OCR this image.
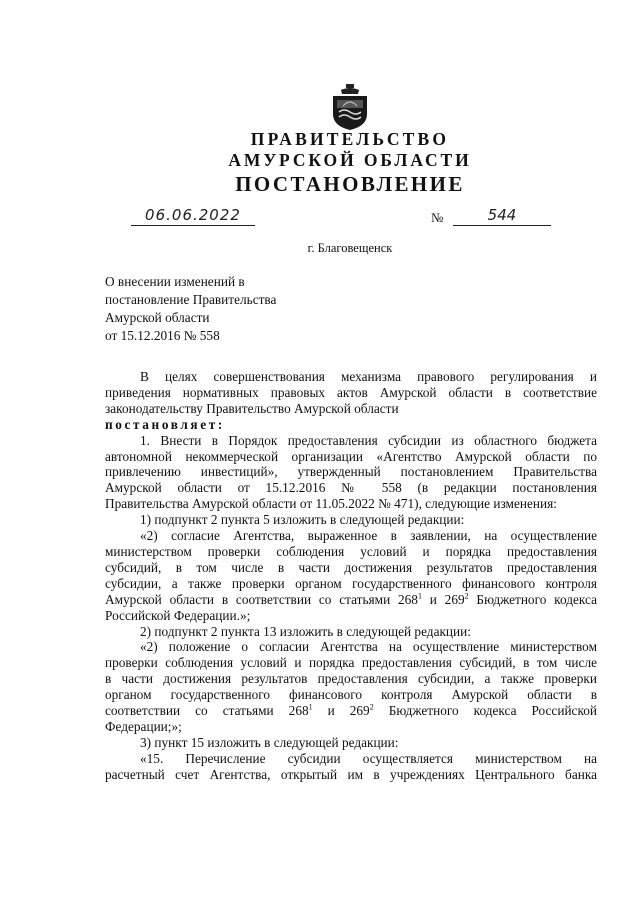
ПРАВИТЕЛЬСТВО
АМУРСКОЙ ОБЛАСТИ
ПОСТАНОВЛЕНИЕ
06.06.2022	№	544
г. Благовещенск
О внесении изменений в
постановление Правительства
Амурской области
от 15.12.2016 № 558
В целях совершенствования механизма правового регулирования и
приведения нормативных правовых актов Амурской области в соответствие
законодательству Правительство Амурской области
постановляет:
1. Внести в Порядок предоставления субсидии из областного бюджета
автономной некоммерческой организации «Агентство Амурской области по
привлечению инвестиций», утвержденный постановлением Правительства
Амурской области от 15.12.2016 № 558 (в редакции постановления
Правительства Амурской области от 11.05.2022 № 471), следующие изменения:
1) подпункт 2 пункта 5 изложить в следующей редакции:
«2) согласие Агентства, выраженное в заявлении, на осуществление
министерством проверки соблюдения условий и порядка предоставления
субсидий, в том числе в части достижения результатов предоставления
субсидии, а также проверки органом государственного финансового контроля
Амурской области в соответствии со статьями $268^1$ и $269^2$ Бюджетного кодекса
Российской Федерации.»;
2) подпункт 2 пункта 13 изложить в следующей редакции:
«2) положение о согласии Агентства на осуществление министерством
проверки соблюдения условий и порядка предоставления субсидий, в том числе
в части достижения результатов предоставления субсидии, а также проверки
органом государственного финансового контроля Амурской области в
соответствии со статьями $268^1$ и $269^2$ Бюджетного кодекса Российской
Федерации;»;
3) пункт 15 изложить в следующей редакции:
«15. Перечисление субсидии осуществляется министерством на
расчетный счет Агентства, открытый им в учреждениях Центрального банка
